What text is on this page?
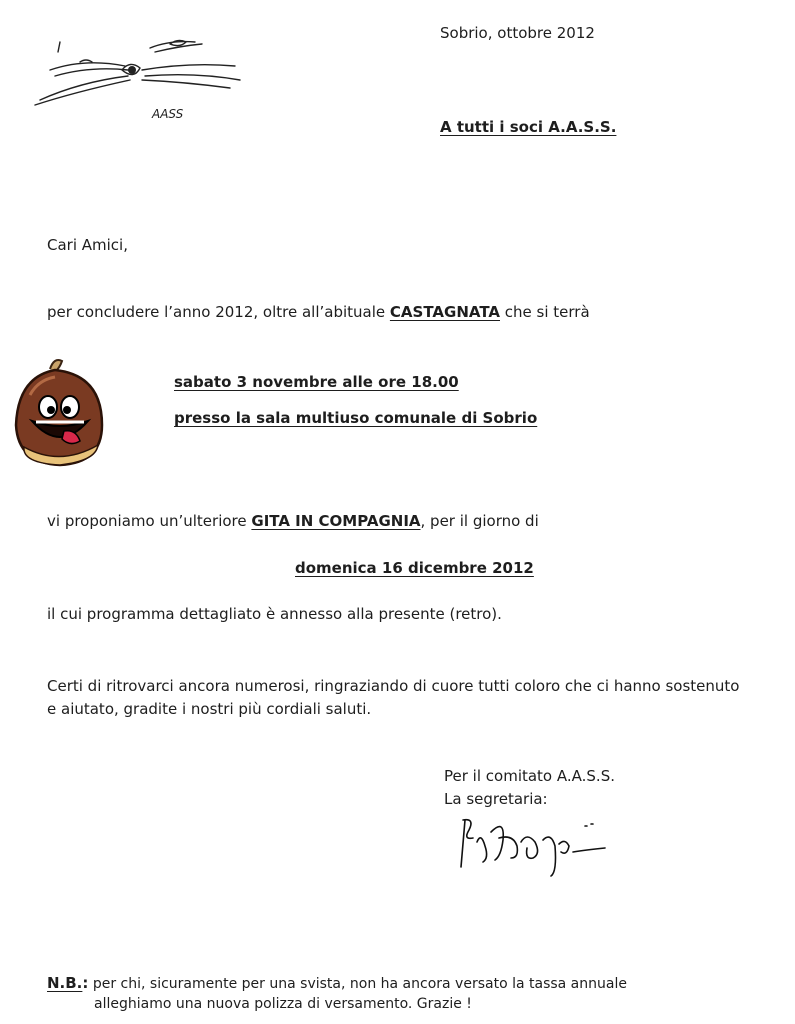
AASS
Sobrio, ottobre 2012
A tutti i soci A.A.S.S.
Cari Amici,
per concludere l’anno 2012, oltre all’abituale CASTAGNATA che si terrà
sabato 3 novembre alle ore 18.00
presso la sala multiuso comunale di Sobrio
vi proponiamo un’ulteriore GITA IN COMPAGNIA, per il giorno di
domenica 16 dicembre 2012
il cui programma dettagliato è annesso alla presente (retro).
Certi di ritrovarci ancora numerosi, ringraziando di cuore tutti coloro che ci hanno sostenuto
e aiutato, gradite i nostri più cordiali saluti.
Per il comitato A.A.S.S.
La segretaria:
N.B.: per chi, sicuramente per una svista, non ha ancora versato la tassa annuale
alleghiamo una nuova polizza di versamento. Grazie !
